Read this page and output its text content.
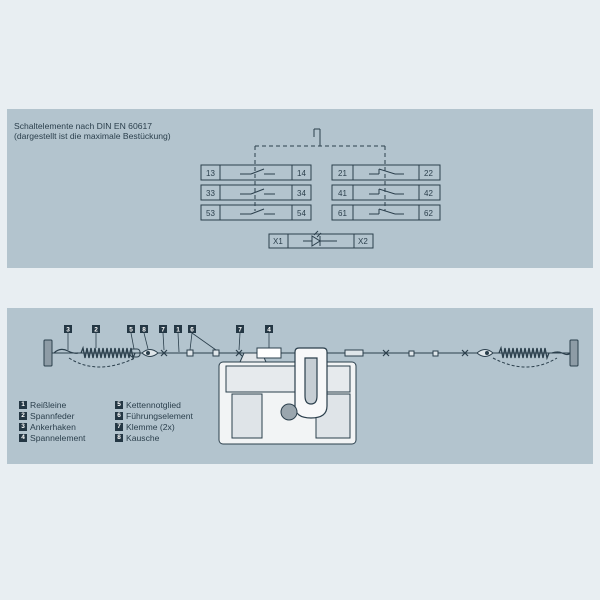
Schaltelemente nach DIN EN 60617
(dargestellt ist die maximale Bestückung)
13	14
33	34
53	54
21	22
41	42
61	62
X1	X2
3	2	5 8 7 1 6	7	4
1 Reißleine
2 Spannfeder
3 Ankerhaken
4 Spannelement
5 Kettennotglied
6 Führungselement
7 Klemme (2x)
8 Kausche
